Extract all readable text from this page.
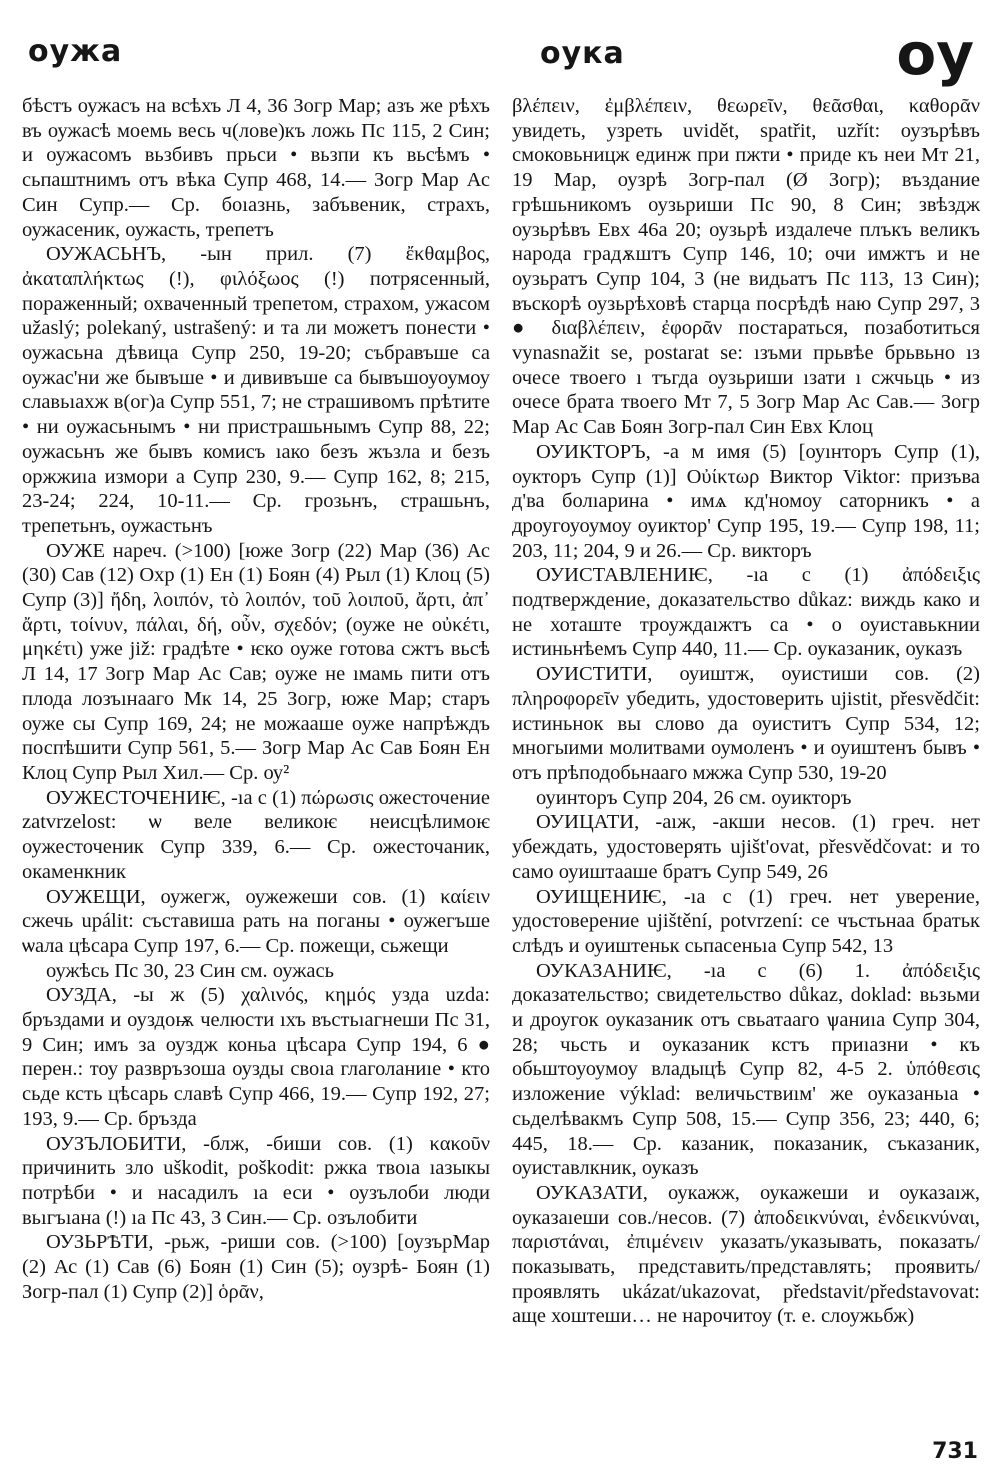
оужа	оука	оу

бѣстъ оужасъ на всѣхъ Л 4, 36 Зогр Мар; азъ же рѣхъ въ оужасѣ моемь весь ч(лове)къ ложь Пс 115, 2 Син; и оужасомъ вьзбивъ прьси • вьзпи къ вьсѣмъ • сьпаштнимъ отъ вѣка Супр 468, 14.— Зогр Мар Ас Син Супр.— Ср. боıазнь, забъвеник, страхъ, оужасеник, оужасть, трепетъ

ОУЖАСЬНЪ, -ын прил. (7) ἔκθαμβος, ἀκαταπλήκτως (!), φιλόξωος (!) потрясенный, пораженный; охваченный трепетом, страхом, ужасом užaslý; polekaný, ustrašený: и та ли можетъ понести • оужасьна дѣвица Супр 250, 19-20; събравъше са оужас'ни же бывъше • и дививъше са бывъшоуоумоу славьıахж в(ог)а Супр 551, 7; не страшивомъ прѣтите • ни оужасьнымъ • ни пристрашьнымъ Супр 88, 22; оужасьнъ же бывъ комисъ ıако безъ жъзла и безъ оржжиıа измори а Супр 230, 9.— Супр 162, 8; 215, 23-24; 224, 10-11.— Ср. грозьнъ, страшьнъ, трепетьнъ, оужастьнъ

ОУЖЕ нареч. (>100) [юже Зогр (22) Мар (36) Ас (30) Сав (12) Охр (1) Ен (1) Боян (4) Рыл (1) Клоц (5) Супр (3)] ἤδη, λοιπόν, τὸ λοιπόν, τοῦ λοιποῦ, ἄρτι, ἀπ᾽ ἄρτι, τοίνυν, πάλαι, δή, οὖν, σχεδόν; (оуже не οὐκέτι, μηκέτι) уже již: градѣте • ѥко оуже готова сжтъ вьсѣ Л 14, 17 Зогр Мар Ас Сав; оуже не ıмамь пити отъ плода лозъıнааго Мк 14, 25 Зогр, юже Мар; старъ оуже сы Супр 169, 24; не можааше оуже напрѣждъ поспѣшити Супр 561, 5.— Зогр Мар Ас Сав Боян Ен Клоц Супр Рыл Хил.— Ср. оу²

ОУЖЕСТОЧЕНИѤ, -ıа с (1) πώρωσις ожесточение zatvrzelost: ѡ веле великоѥ неисцѣлимоѥ оужесточеник Супр 339, 6.— Ср. ожесточаник, окаменкник

ОУЖЕЩИ, оужегж, оужежеши сов. (1) καίειν сжечь upálit: съставиша рать на поганы • оужегъше ѡала цѣсара Супр 197, 6.— Ср. пожещи, сьжещи

оужѣсь Пс 30, 23 Син см. оужась

ОУЗДА, -ы ж (5) χαλινός, κημός узда uzda: бръздами и оуздоѭ челюсти ıхъ въстьıагнеши Пс 31, 9 Син; имъ за оуздж коньа цѣсара Супр 194, 6 ● перен.: тоу развръзоша оузды своıа глаголаниıе • кто сьде ксть цѣсарь славѣ Супр 466, 19.— Супр 192, 27; 193, 9.— Ср. бръзда

ОУЗЪЛОБИТИ, -блж, -биши сов. (1) κακοῦν причинить зло uškodit, poškodit: ржка твоıа ıазыкы потрѣби • и насадилъ ıа еси • оузълоби люди вьıгъıана (!) ıа Пс 43, 3 Син.— Ср. озълобити

ОУЗЬРѢТИ, -рьж, -риши сов. (>100) [оузърМар (2) Ас (1) Сав (6) Боян (1) Син (5); оузрѣ- Боян (1) Зогр-пал (1) Супр (2)] ὁρᾶν,

βλέπειν, ἐμβλέπειν, θεωρεῖν, θεᾶσθαι, καθορᾶν увидеть, узреть uvidět, spatřit, uzřít: оузърѣвъ смоковьницж единж при пжти • приде къ неи Мт 21, 19 Мар, оузрѣ Зогр-пал (Ø Зогр); въздание грѣшьникомъ оузьриши Пс 90, 8 Син; звѣздж оузьрѣвъ Евх 46а 20; оузьрѣ издалече плъкъ великъ народа градѫштъ Супр 146, 10; очи имжтъ и не оузьратъ Супр 104, 3 (не видьатъ Пс 113, 13 Син); въскорѣ оузьрѣховѣ старца посрѣдѣ наю Супр 297, 3 ● διαβλέπειν, ἐφορᾶν постараться, позаботиться vynasnažit se, postarat se: ıзъми прьвѣе брьвьно ıз очесе твоего ı тъгда оузьриши ıзати ı сжчьць • из очесе брата твоего Мт 7, 5 Зогр Мар Ас Сав.— Зогр Мар Ас Сав Боян Зогр-пал Син Евх Клоц

ОУИКТОРЪ, -а м имя (5) [оуıнторъ Супр (1), оукторъ Супр (1)] Οὐίκτωρ Виктор Viktor: призъва д'ва болıарина • имѧ кд'номоу саторникъ • а дроугоуоумоу оуиктор' Супр 195, 19.— Супр 198, 11; 203, 11; 204, 9 и 26.— Ср. викторъ

ОУИСТАВЛЕНИѤ, -ıа с (1) ἀπόδειξις подтверждение, доказательство důkaz: виждь како и не хоташте троуждаıжтъ са • о оуиставькнии истиньнѣемъ Супр 440, 11.— Ср. оуказаник, оуказъ

ОУИСТИТИ, оуиштж, оуистиши сов. (2) πληροφορεῖν убедить, удостоверить ujistit, přesvědčit: истиньнок вы слово да оуиститъ Супр 534, 12; многыими молитвами оумоленъ • и оуиштенъ бывъ • отъ прѣподобьнааго мжжа Супр 530, 19-20

оуинторъ Супр 204, 26 см. оуикторъ

ОУИЦАТИ, -аıж, -акши несов. (1) греч. нет убеждать, удостоверять ujišt'ovat, přesvědčovat: и то само оуиштааше братъ Супр 549, 26

ОУИЩЕНИѤ, -ıа с (1) греч. нет уверение, удостоверение ujištění, potvrzení: се чъстьнаа братьк слѣдъ и оуиштеньк сьпасеньıа Супр 542, 13

ОУКАЗАНИѤ, -ıа с (6) 1. ἀπόδειξις доказательство; свидетельство důkaz, doklad: вьзьми и дроугок оуказаник отъ свьатааго ѱаниıа Супр 304, 28; чьсть и оуказаник кстъ приıазни • къ обьштоуоумоу владыцѣ Супр 82, 4-5 2. ὑπόθεσις изложение výklad: величьствиıм' же оуказаньıа • сьделѣвакмъ Супр 508, 15.— Супр 356, 23; 440, 6; 445, 18.— Ср. казаник, показаник, съказаник, оуиставлкник, оуказъ

ОУКАЗАТИ, оукажж, оукажеши и оуказаıж, оуказаıеши сов./несов. (7) ἀποδεικνύναι, ἐνδεικνύναι, παριστάναι, ἐπιμένειν указать/указывать, показать/показывать, представить/представлять; проявить/проявлять ukázat/ukazovat, představit/představovat: аще хоштеши… не нарочитоу (т. е. слоужьбж)

731
